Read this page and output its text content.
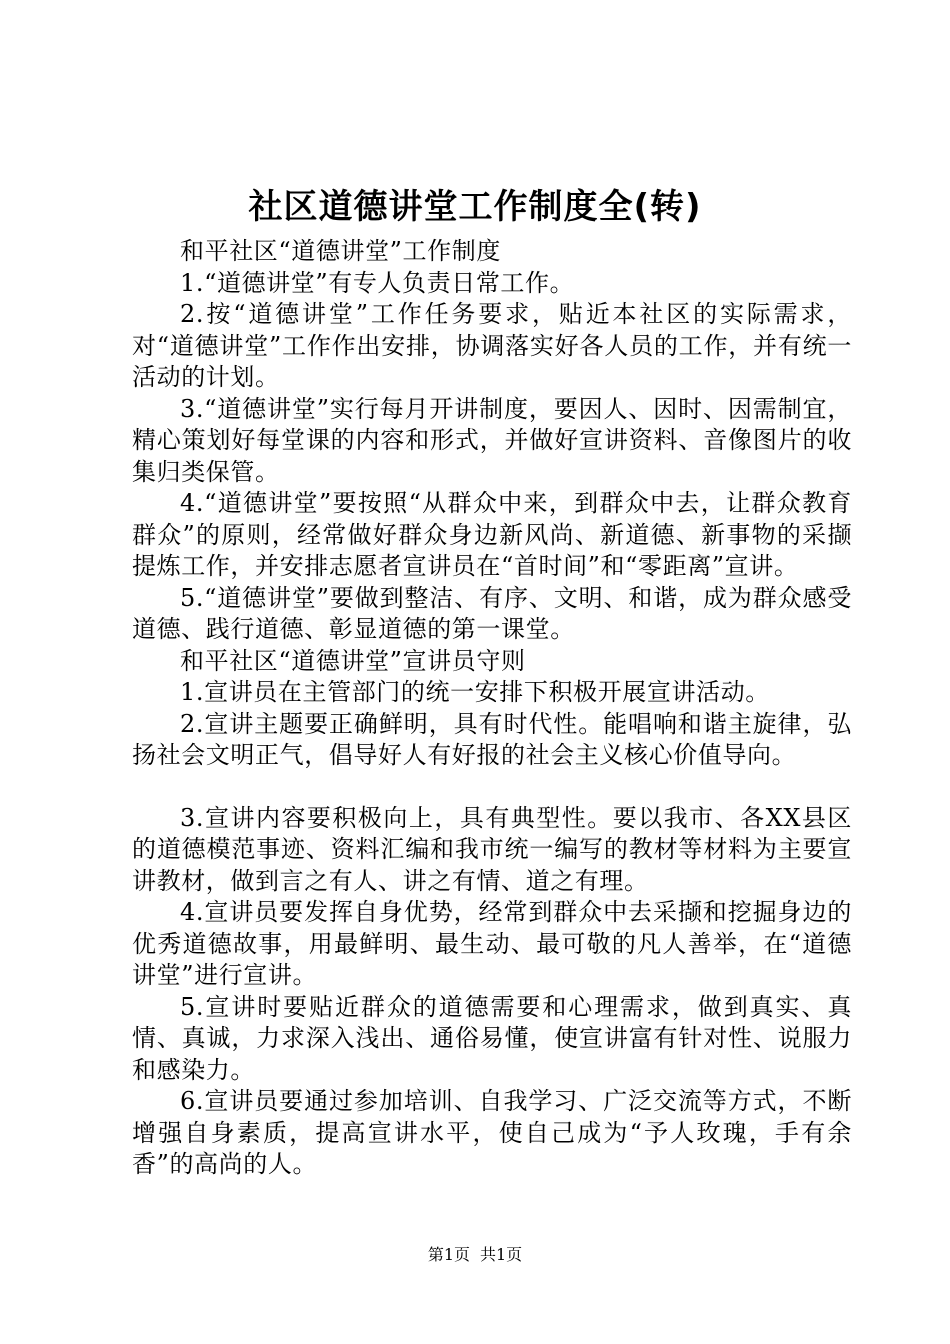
社区道德讲堂工作制度全(转)

和平社区“道德讲堂”工作制度

1.“道德讲堂”有专人负责日常工作。

2.按“道德讲堂”工作任务要求，贴近本社区的实际需求，对“道德讲堂”工作作出安排，协调落实好各人员的工作，并有统一活动的计划。

3.“道德讲堂”实行每月开讲制度，要因人、因时、因需制宜，精心策划好每堂课的内容和形式，并做好宣讲资料、音像图片的收集归类保管。

4.“道德讲堂”要按照“从群众中来，到群众中去，让群众教育群众”的原则，经常做好群众身边新风尚、新道德、新事物的采撷提炼工作，并安排志愿者宣讲员在“首时间”和“零距离”宣讲。

5.“道德讲堂”要做到整洁、有序、文明、和谐，成为群众感受道德、践行道德、彰显道德的第一课堂。

和平社区“道德讲堂”宣讲员守则

1.宣讲员在主管部门的统一安排下积极开展宣讲活动。

2.宣讲主题要正确鲜明，具有时代性。能唱响和谐主旋律，弘扬社会文明正气，倡导好人有好报的社会主义核心价值导向。

3.宣讲内容要积极向上，具有典型性。要以我市、各XX县区的道德模范事迹、资料汇编和我市统一编写的教材等材料为主要宣讲教材，做到言之有人、讲之有情、道之有理。

4.宣讲员要发挥自身优势，经常到群众中去采撷和挖掘身边的优秀道德故事，用最鲜明、最生动、最可敬的凡人善举，在“道德讲堂”进行宣讲。

5.宣讲时要贴近群众的道德需要和心理需求，做到真实、真情、真诚，力求深入浅出、通俗易懂，使宣讲富有针对性、说服力和感染力。

6.宣讲员要通过参加培训、自我学习、广泛交流等方式，不断增强自身素质，提高宣讲水平，使自己成为“予人玫瑰，手有余香”的高尚的人。

第1页 共1页
